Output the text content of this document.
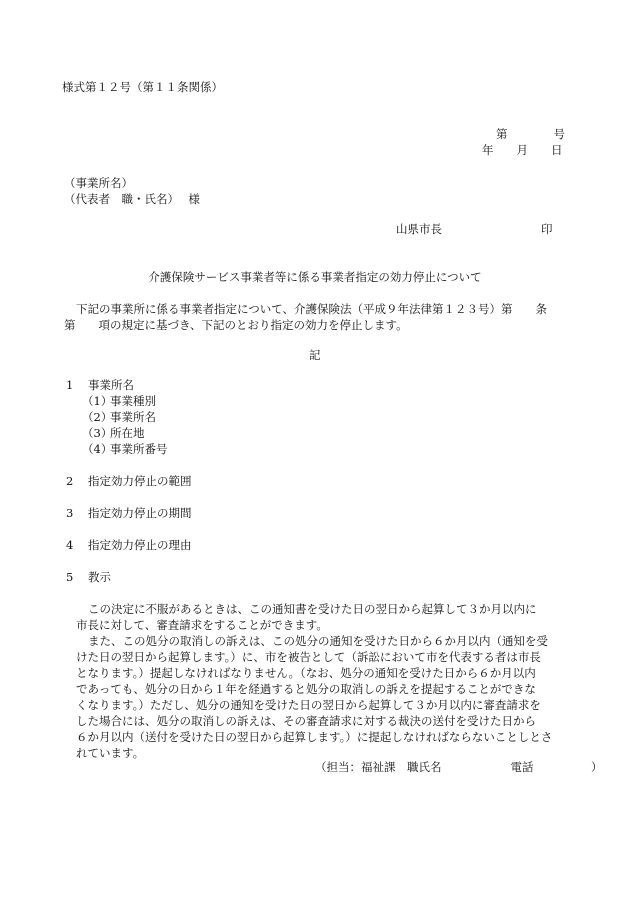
様式第１２号（第１１条関係）
第　　　　号
年　　月　　日
（事業所名）
（代表者　職・氏名）　 様
山県市長	印
介護保険サービス事業者等に係る事業者指定の効力停止について
下記の事業所に係る事業者指定について、介護保険法（平成９年法律第１２３号）第　　条
第　　項の規定に基づき、下記のとおり指定の効力を停止します。
記
1 事業所名
（1）
事業種別
（2）
事業所名
（3）
所在地
（4）
事業所番号
2 指定効力停止の範囲
3 指定効力停止の期間
4 指定効力停止の理由
5 教示
この決定に不服があるときは、この通知書を受けた日の翌日から起算して３か月以内に
市長に対して、審査請求をすることができます。
また、この処分の取消しの訴えは、この処分の通知を受けた日から６か月以内（通知を受
けた日の翌日から起算します。）に、市を被告として（訴訟において市を代表する者は市長
となります。）提起しなければなりません。（なお、処分の通知を受けた日から６か月以内
であっても、処分の日から１年を経過すると処分の取消しの訴えを提起することができな
くなります。）ただし、処分の通知を受けた日の翌日から起算して３か月以内に審査請求を
した場合には、処分の取消しの訴えは、その審査請求に対する裁決の送付を受けた日から
６か月以内（送付を受けた日の翌日から起算します。）に提起しなければならないことしとさ
れています。
（担当：福祉課　職氏名　　　　　　電話　　　　　）
